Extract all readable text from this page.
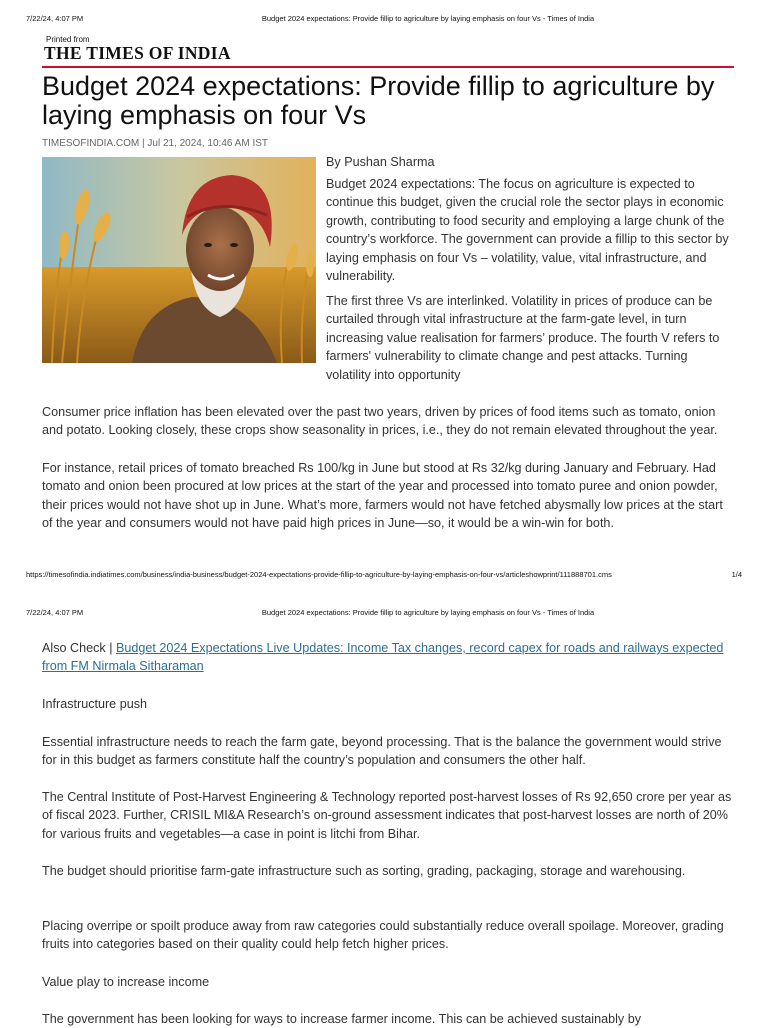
7/22/24, 4:07 PM	Budget 2024 expectations: Provide fillip to agriculture by laying emphasis on four Vs - Times of India
Printed from
THE TIMES OF INDIA
Budget 2024 expectations: Provide fillip to agriculture by laying emphasis on four Vs
TIMESOFINDIA.COM | Jul 21, 2024, 10:46 AM IST
By Pushan Sharma

Budget 2024 expectations: The focus on agriculture is expected to continue this budget, given the crucial role the sector plays in economic growth, contributing to food security and employing a large chunk of the country’s workforce. The government can provide a fillip to this sector by laying emphasis on four Vs – volatility, value, vital infrastructure, and vulnerability.

The first three Vs are interlinked. Volatility in prices of produce can be curtailed through vital infrastructure at the farm-gate level, in turn increasing value realisation for farmers’ produce. The fourth V refers to farmers' vulnerability to climate change and pest attacks. Turning volatility into opportunity

Consumer price inflation has been elevated over the past two years, driven by prices of food items such as tomato, onion and potato. Looking closely, these crops show seasonality in prices, i.e., they do not remain elevated throughout the year.

For instance, retail prices of tomato breached Rs 100/kg in June but stood at Rs 32/kg during January and February. Had tomato and onion been procured at low prices at the start of the year and processed into tomato puree and onion powder, their prices would not have shot up in June. What’s more, farmers would not have fetched abysmally low prices at the start of the year and consumers would not have paid high prices in June—so, it would be a win-win for both.

https://timesofindia.indiatimes.com/business/india-business/budget-2024-expectations-provide-fillip-to-agriculture-by-laying-emphasis-on-four-vs/articleshowprint/111888701.cms	1/4
7/22/24, 4:07 PM	Budget 2024 expectations: Provide fillip to agriculture by laying emphasis on four Vs - Times of India

Also Check | Budget 2024 Expectations Live Updates: Income Tax changes, record capex for roads and railways expected from FM Nirmala Sitharaman

Infrastructure push

Essential infrastructure needs to reach the farm gate, beyond processing. That is the balance the government would strive for in this budget as farmers constitute half the country’s population and consumers the other half.

The Central Institute of Post-Harvest Engineering & Technology reported post-harvest losses of Rs 92,650 crore per year as of fiscal 2023. Further, CRISIL MI&A Research’s on-ground assessment indicates that post-harvest losses are north of 20% for various fruits and vegetables—a case in point is litchi from Bihar.

The budget should prioritise farm-gate infrastructure such as sorting, grading, packaging, storage and warehousing.

Placing overripe or spoilt produce away from raw categories could substantially reduce overall spoilage. Moreover, grading fruits into categories based on their quality could help fetch higher prices.

Value play to increase income

The government has been looking for ways to increase farmer income. This can be achieved sustainably by
